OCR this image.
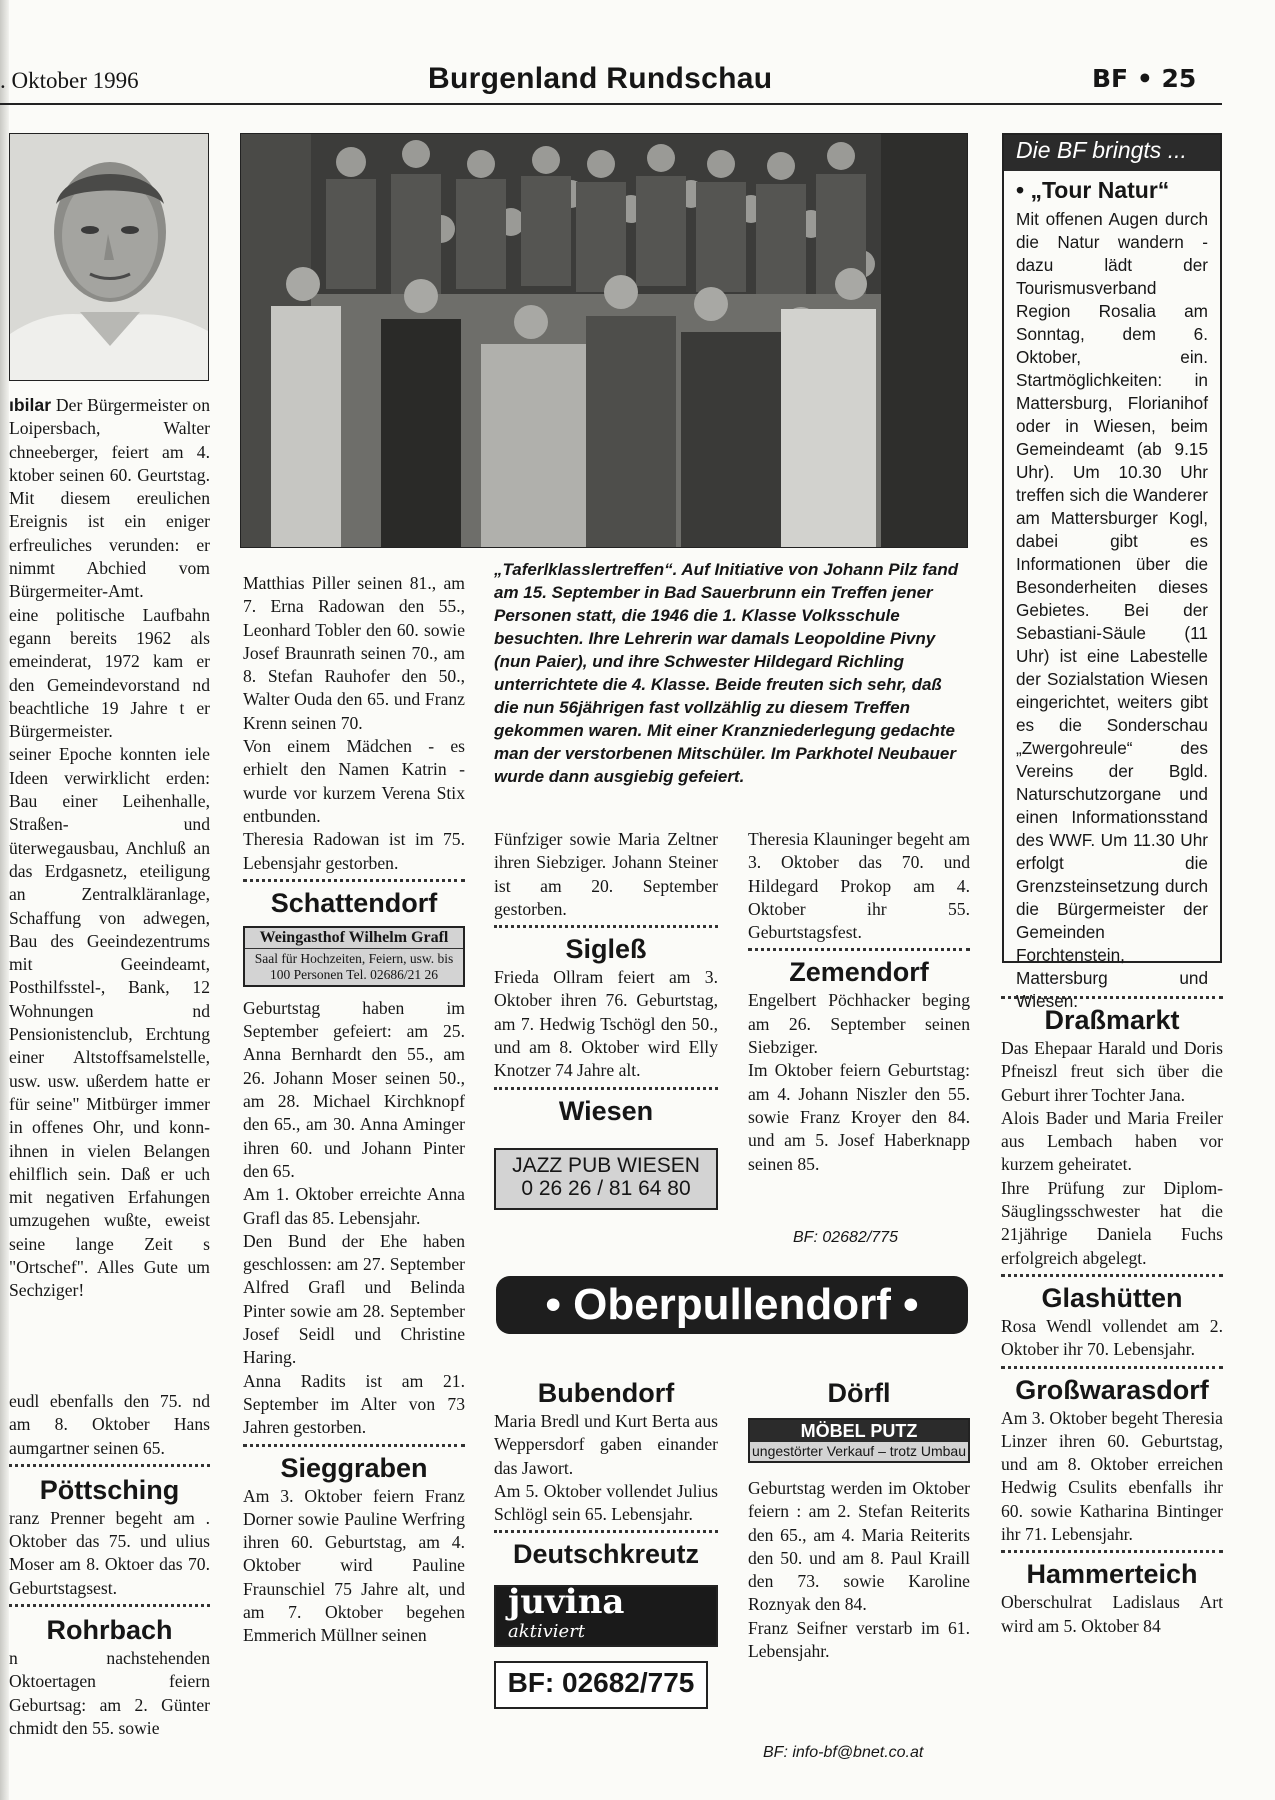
. Oktober 1996	Burgenland Rundschau	BF • 25

ıbilar Der Bürgermeister on Loipersbach, Walter chneeberger, feiert am 4. ktober seinen 60. Geurtstag. Mit diesem ereulichen Ereignis ist ein eniger erfreuliches verunden: er nimmt Abchied vom Bürgermeiter-Amt.

eine politische Laufbahn egann bereits 1962 als emeinderat, 1972 kam er den Gemeindevorstand nd beachtliche 19 Jahre t er Bürgermeister.

seiner Epoche konnten iele Ideen verwirklicht erden: Bau einer Leihenhalle, Straßen- und üterwegausbau, Anchluß an das Erdgasnetz, eteiligung an Zentralkläranlage, Schaffung von adwegen, Bau des Geeindezentrums mit Geeindeamt, Posthilfsstel-, Bank, 12 Wohnungen nd Pensionistenclub, Erchtung einer Altstoffsamelstelle, usw. usw. ußerdem hatte er für seine" Mitbürger immer in offenes Ohr, und konn- ihnen in vielen Belangen ehilflich sein. Daß er uch mit negativen Erfahungen umzugehen wußte, eweist seine lange Zeit s "Ortschef". Alles Gute um Sechziger!

eudl ebenfalls den 75. nd am 8. Oktober Hans aumgartner seinen 65.

Pöttsching

ranz Prenner begeht am . Oktober das 75. und ulius Moser am 8. Oktoer das 70. Geburtstagsest.

Rohrbach

n nachstehenden Oktoertagen feiern Geburtsag: am 2. Günter chmidt den 55. sowie

„Taferlklasslertreffen“. Auf Initiative von Johann Pilz fand am 15. September in Bad Sauerbrunn ein Treffen jener Personen statt, die 1946 die 1. Klasse Volksschule besuchten. Ihre Lehrerin war damals Leopoldine Pivny (nun Paier), und ihre Schwester Hildegard Richling unterrichtete die 4. Klasse. Beide freuten sich sehr, daß die nun 56jährigen fast vollzählig zu diesem Treffen gekommen waren. Mit einer Kranzniederlegung gedachte man der verstorbenen Mitschüler. Im Parkhotel Neubauer wurde dann ausgiebig gefeiert.

Matthias Piller seinen 81., am 7. Erna Radowan den 55., Leonhard Tobler den 60. sowie Josef Braunrath seinen 70., am 8. Stefan Rauhofer den 50., Walter Ouda den 65. und Franz Krenn seinen 70.

Von einem Mädchen - es erhielt den Namen Katrin - wurde vor kurzem Verena Stix entbunden.

Theresia Radowan ist im 75. Lebensjahr gestorben.

Schattendorf
Weingasthof Wilhelm Grafl
Saal für Hochzeiten, Feiern, usw. bis 100 Personen Tel. 02686/21 26

Geburtstag haben im September gefeiert: am 25. Anna Bernhardt den 55., am 26. Johann Moser seinen 50., am 28. Michael Kirchknopf den 65., am 30. Anna Aminger ihren 60. und Johann Pinter den 65.

Am 1. Oktober erreichte Anna Grafl das 85. Lebensjahr.

Den Bund der Ehe haben geschlossen: am 27. September Alfred Grafl und Belinda Pinter sowie am 28. September Josef Seidl und Christine Haring.

Anna Radits ist am 21. September im Alter von 73 Jahren gestorben.

Sieggraben

Am 3. Oktober feiern Franz Dorner sowie Pauline Werfring ihren 60. Geburtstag, am 4. Oktober wird Pauline Fraunschiel 75 Jahre alt, und am 7. Oktober begehen Emmerich Müllner seinen

Fünfziger sowie Maria Zeltner ihren Siebziger. Johann Steiner ist am 20. September gestorben.

Sigleß

Frieda Ollram feiert am 3. Oktober ihren 76. Geburtstag, am 7. Hedwig Tschögl den 50., und am 8. Oktober wird Elly Knotzer 74 Jahre alt.

Wiesen
JAZZ PUB WIESEN
0 26 26 / 81 64 80

Theresia Klauninger begeht am 3. Oktober das 70. und Hildegard Prokop am 4. Oktober ihr 55. Geburtstagsfest.

Zemendorf

Engelbert Pöchhacker beging am 26. September seinen Siebziger.

Im Oktober feiern Geburtstag: am 4. Johann Niszler den 55. sowie Franz Kroyer den 84. und am 5. Josef Haberknapp seinen 85.

BF: 02682/775
• Oberpullendorf •
Bubendorf

Maria Bredl und Kurt Berta aus Weppersdorf gaben einander das Jawort.

Am 5. Oktober vollendet Julius Schlögl sein 65. Lebensjahr.

Deutschkreutz
juvina aktiviert
BF: 02682/775
Dörfl
MÖBEL PUTZ
ungestörter Verkauf – trotz Umbau

Geburtstag werden im Oktober feiern : am 2. Stefan Reiterits den 65., am 4. Maria Reiterits den 50. und am 8. Paul Kraill den 73. sowie Karoline Roznyak den 84.

Franz Seifner verstarb im 61. Lebensjahr.

BF: info-bf@bnet.co.at
Die BF bringts ...
• „Tour Natur“
Mit offenen Augen durch die Natur wandern - dazu lädt der Tourismusverband Region Rosalia am Sonntag, dem 6. Oktober, ein. Startmöglichkeiten: in Mattersburg, Florianihof oder in Wiesen, beim Gemeindeamt (ab 9.15 Uhr). Um 10.30 Uhr treffen sich die Wanderer am Mattersburger Kogl, dabei gibt es Informationen über die Besonderheiten dieses Gebietes. Bei der Sebastiani-Säule (11 Uhr) ist eine Labestelle der Sozialstation Wiesen eingerichtet, weiters gibt es die Sonderschau „Zwergohreule“ des Vereins der Bgld. Naturschutzorgane und einen Informationsstand des WWF. Um 11.30 Uhr erfolgt die Grenzsteinsetzung durch die Bürgermeister der Gemeinden Forchtenstein, Mattersburg und Wiesen.
Draßmarkt

Das Ehepaar Harald und Doris Pfneiszl freut sich über die Geburt ihrer Tochter Jana.

Alois Bader und Maria Freiler aus Lembach haben vor kurzem geheiratet.

Ihre Prüfung zur Diplom-Säuglingsschwester hat die 21jährige Daniela Fuchs erfolgreich abgelegt.

Glashütten

Rosa Wendl vollendet am 2. Oktober ihr 70. Lebensjahr.

Großwarasdorf

Am 3. Oktober begeht Theresia Linzer ihren 60. Geburtstag, und am 8. Oktober erreichen Hedwig Csulits ebenfalls ihr 60. sowie Katharina Bintinger ihr 71. Lebensjahr.

Hammerteich

Oberschulrat Ladislaus Art wird am 5. Oktober 84
